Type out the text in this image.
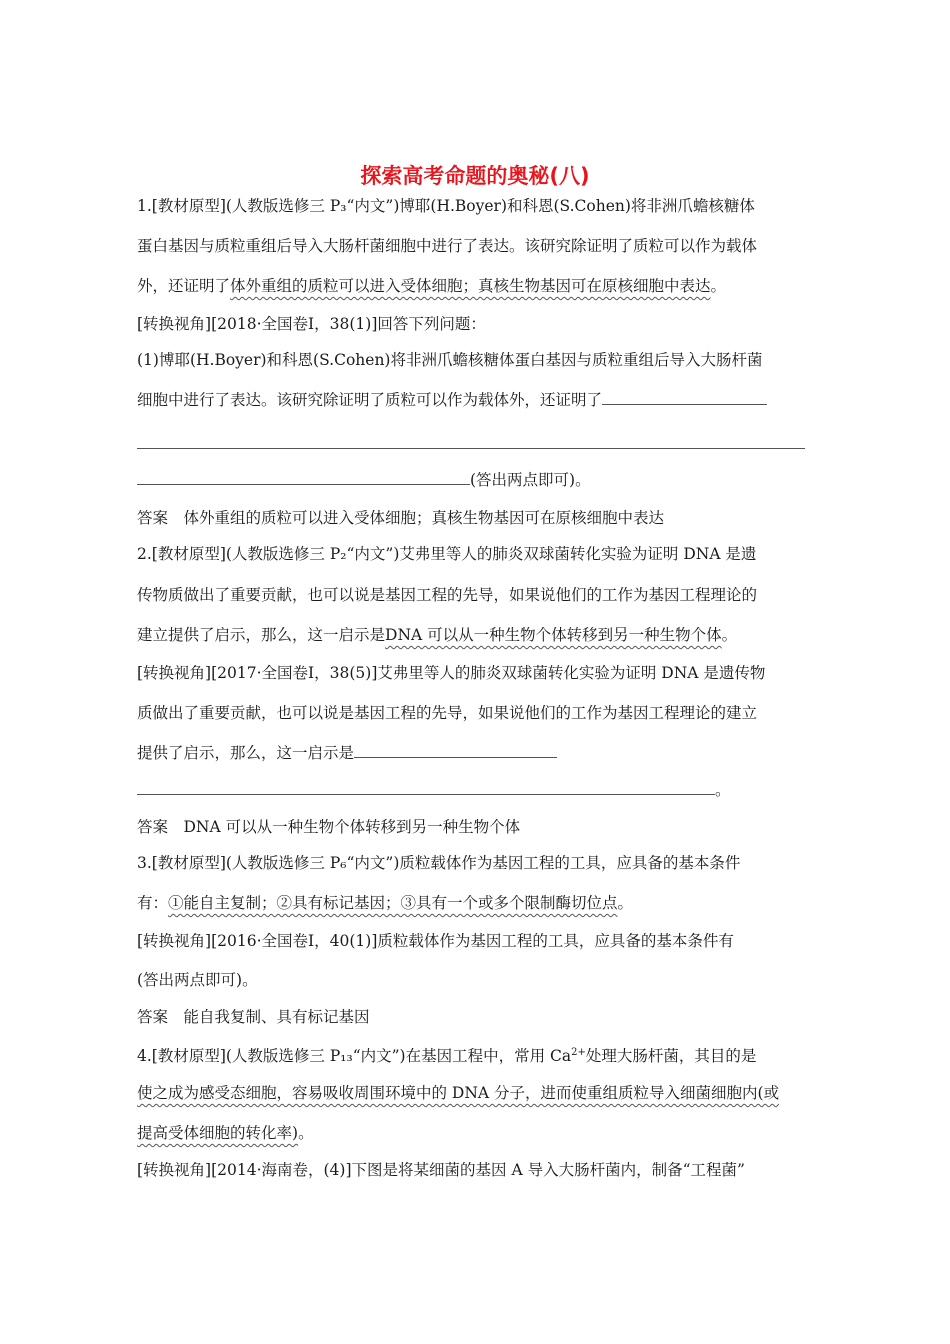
探索高考命题的奥秘(八)
1.[教材原型](人教版选修三 P₃“内文”)博耶(H.Boyer)和科恩(S.Cohen)将非洲爪蟾核糖体
蛋白基因与质粒重组后导入大肠杆菌细胞中进行了表达。该研究除证明了质粒可以作为载体
外，还证明了体外重组的质粒可以进入受体细胞；真核生物基因可在原核细胞中表达。
[转换视角][2018·全国卷Ⅰ，38(1)]回答下列问题：
(1)博耶(H.Boyer)和科恩(S.Cohen)将非洲爪蟾核糖体蛋白基因与质粒重组后导入大肠杆菌
细胞中进行了表达。该研究除证明了质粒可以作为载体外，还证明了
(答出两点即可)。
答案　体外重组的质粒可以进入受体细胞；真核生物基因可在原核细胞中表达
2.[教材原型](人教版选修三 P₂“内文”)艾弗里等人的肺炎双球菌转化实验为证明 DNA 是遗
传物质做出了重要贡献，也可以说是基因工程的先导，如果说他们的工作为基因工程理论的
建立提供了启示，那么，这一启示是DNA 可以从一种生物个体转移到另一种生物个体。
[转换视角][2017·全国卷Ⅰ，38(5)]艾弗里等人的肺炎双球菌转化实验为证明 DNA 是遗传物
质做出了重要贡献，也可以说是基因工程的先导，如果说他们的工作为基因工程理论的建立
提供了启示，那么，这一启示是
。
答案　DNA 可以从一种生物个体转移到另一种生物个体
3.[教材原型](人教版选修三 P₆“内文”)质粒载体作为基因工程的工具，应具备的基本条件
有：①能自主复制；②具有标记基因；③具有一个或多个限制酶切位点。
[转换视角][2016·全国卷Ⅰ，40(1)]质粒载体作为基因工程的工具，应具备的基本条件有
(答出两点即可)。
答案　能自我复制、具有标记基因
4.[教材原型](人教版选修三 P₁₃“内文”)在基因工程中，常用 $Ca^{2+}$处理大肠杆菌，其目的是
使之成为感受态细胞，容易吸收周围环境中的 DNA 分子，进而使重组质粒导入细菌细胞内(或
提高受体细胞的转化率)。
[转换视角][2014·海南卷，(4)]下图是将某细菌的基因 A 导入大肠杆菌内，制备“工程菌”
